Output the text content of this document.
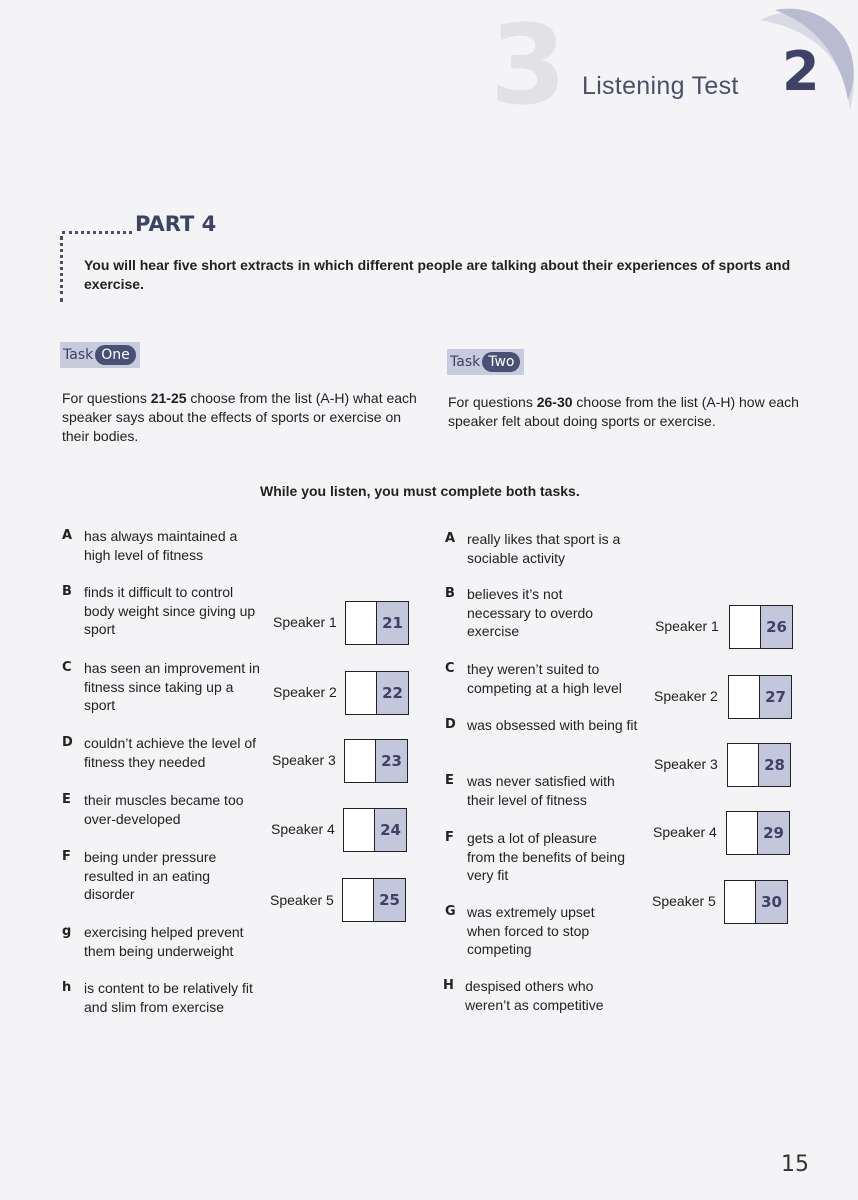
3 Listening Test 2
PART 4
You will hear five short extracts in which different people are talking about their experiences of sports and exercise.
Task One
For questions 21-25 choose from the list (A-H) what each speaker says about the effects of sports or exercise on their bodies.
Task Two
For questions 26-30 choose from the list (A-H) how each speaker felt about doing sports or exercise.
While you listen, you must complete both tasks.
A has always maintained a high level of fitness
B finds it difficult to control body weight since giving up sport
C has seen an improvement in fitness since taking up a sport
D couldn’t achieve the level of fitness they needed
E their muscles became too over-developed
F being under pressure resulted in an eating disorder
g exercising helped prevent them being underweight
h is content to be relatively fit and slim from exercise
Speaker 1	21
Speaker 2	22
Speaker 3	23
Speaker 4	24
Speaker 5	25
A really likes that sport is a sociable activity
B believes it’s not necessary to overdo exercise
C they weren’t suited to competing at a high level
D was obsessed with being fit
E was never satisfied with their level of fitness
F gets a lot of pleasure from the benefits of being very fit
G was extremely upset when forced to stop competing
H despised others who weren’t as competitive
Speaker 1	26
Speaker 2	27
Speaker 3	28
Speaker 4	29
Speaker 5	30
15
